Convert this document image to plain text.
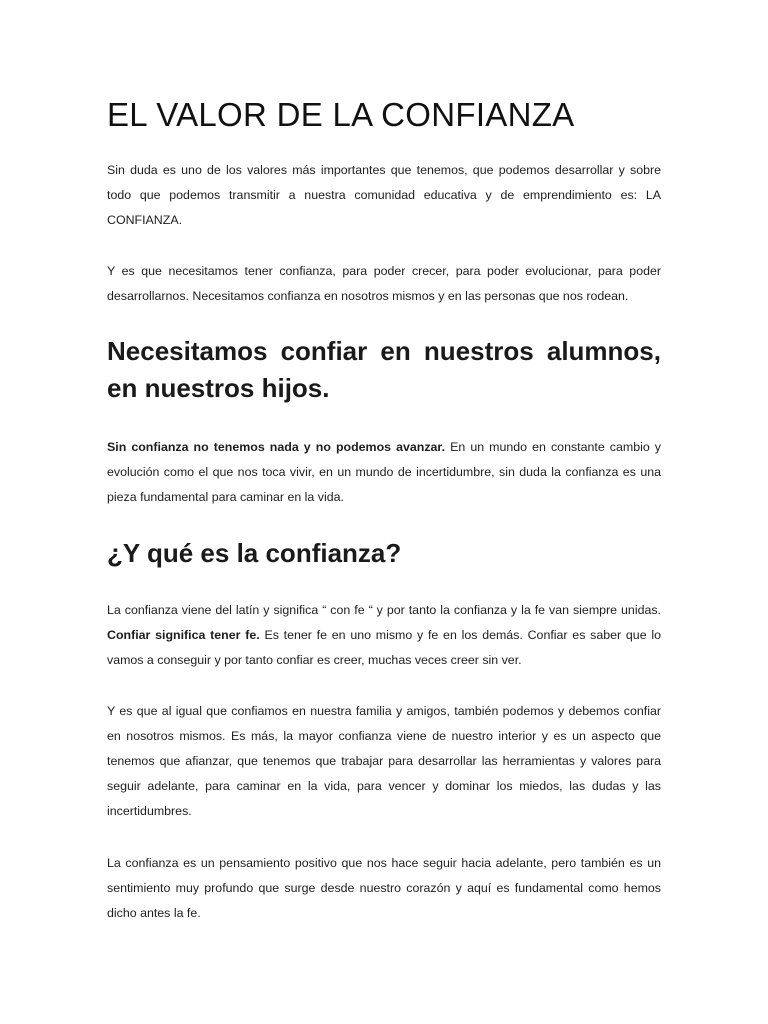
EL VALOR DE LA CONFIANZA

Sin duda es uno de los valores más importantes que tenemos, que podemos desarrollar y sobre todo que podemos transmitir a nuestra comunidad educativa y de emprendimiento es: LA CONFIANZA.

Y es que necesitamos tener confianza, para poder crecer, para poder evolucionar, para poder desarrollarnos. Necesitamos confianza en nosotros mismos y en las personas que nos rodean.

Necesitamos confiar en nuestros alumnos, en nuestros hijos.

Sin confianza no tenemos nada y no podemos avanzar. En un mundo en constante cambio y evolución como el que nos toca vivir, en un mundo de incertidumbre, sin duda la confianza es una pieza fundamental para caminar en la vida.

¿Y qué es la confianza?

La confianza viene del latín y significa “ con fe “ y por tanto la confianza y la fe van siempre unidas. Confiar significa tener fe. Es tener fe en uno mismo y fe en los demás. Confiar es saber que lo vamos a conseguir y por tanto confiar es creer, muchas veces creer sin ver.

Y es que al igual que confiamos en nuestra familia y amigos, también podemos y debemos confiar en nosotros mismos. Es más, la mayor confianza viene de nuestro interior y es un aspecto que tenemos que afianzar, que tenemos que trabajar para desarrollar las herramientas y valores para seguir adelante, para caminar en la vida, para vencer y dominar los miedos, las dudas y las incertidumbres.

La confianza es un pensamiento positivo que nos hace seguir hacia adelante, pero también es un sentimiento muy profundo que surge desde nuestro corazón y aquí es fundamental como hemos dicho antes la fe.
